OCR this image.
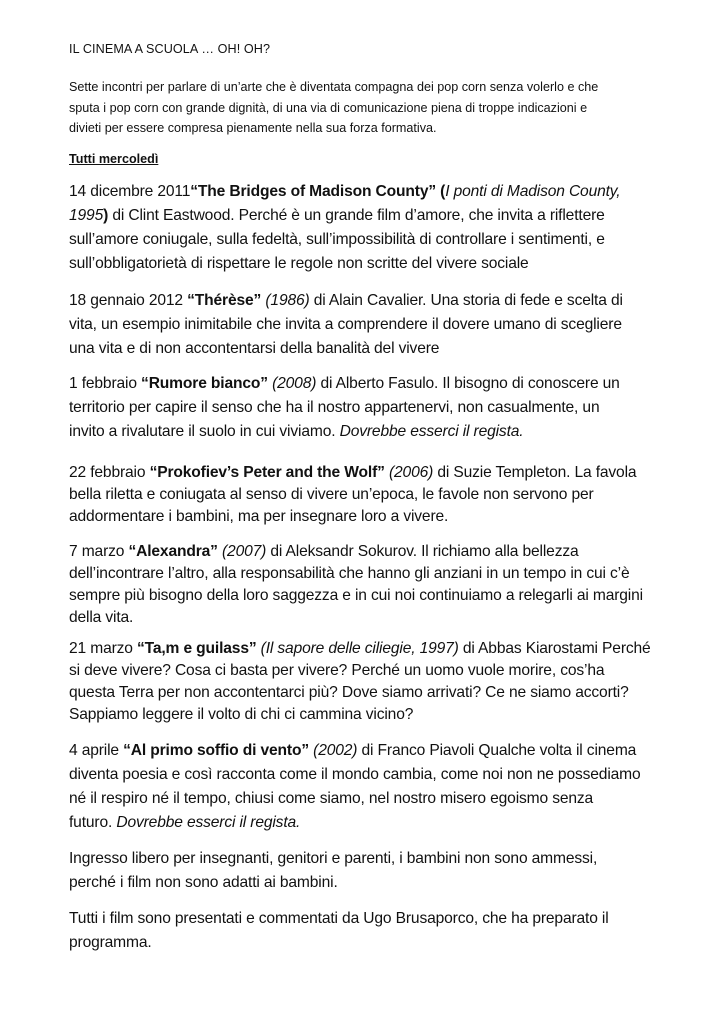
IL CINEMA A SCUOLA … OH! OH?
Sette incontri per parlare di un’arte che è diventata compagna dei pop corn senza volerlo e che
sputa i pop corn con grande dignità, di una via di comunicazione piena di troppe indicazioni e
divieti per essere compresa pienamente nella sua forza formativa.
Tutti mercoledì
14 dicembre 2011“The Bridges of Madison County” (I ponti di Madison County,
1995) di Clint Eastwood. Perché è un grande film d’amore, che invita a riflettere
sull’amore coniugale, sulla fedeltà, sull’impossibilità di controllare i sentimenti, e
sull’obbligatorietà di rispettare le regole non scritte del vivere sociale
18 gennaio 2012 “Thérèse” (1986) di Alain Cavalier. Una storia di fede e scelta di
vita, un esempio inimitabile che invita a comprendere il dovere umano di scegliere
una vita e di non accontentarsi della banalità del vivere
1 febbraio “Rumore bianco” (2008) di Alberto Fasulo. Il bisogno di conoscere un
territorio per capire il senso che ha il nostro appartenervi, non casualmente, un
invito a rivalutare il suolo in cui viviamo. Dovrebbe esserci il regista.
22 febbraio “Prokofiev’s Peter and the Wolf” (2006) di Suzie Templeton. La favola
bella riletta e coniugata al senso di vivere un’epoca, le favole non servono per
addormentare i bambini, ma per insegnare loro a vivere.
7 marzo “Alexandra” (2007) di Aleksandr Sokurov. Il richiamo alla bellezza
dell’incontrare l’altro, alla responsabilità che hanno gli anziani in un tempo in cui c’è
sempre più bisogno della loro saggezza e in cui noi continuiamo a relegarli ai margini
della vita.
21 marzo “Ta,m e guilass” (Il sapore delle ciliegie, 1997) di Abbas Kiarostami Perché
si deve vivere? Cosa ci basta per vivere? Perché un uomo vuole morire, cos’ha
questa Terra per non accontentarci più? Dove siamo arrivati? Ce ne siamo accorti?
Sappiamo leggere il volto di chi ci cammina vicino?
4 aprile “Al primo soffio di vento” (2002) di Franco Piavoli Qualche volta il cinema
diventa poesia e così racconta come il mondo cambia, come noi non ne possediamo
né il respiro né il tempo, chiusi come siamo, nel nostro misero egoismo senza
futuro. Dovrebbe esserci il regista.
Ingresso libero per insegnanti, genitori e parenti, i bambini non sono ammessi,
perché i film non sono adatti ai bambini.
Tutti i film sono presentati e commentati da Ugo Brusaporco, che ha preparato il
programma.
